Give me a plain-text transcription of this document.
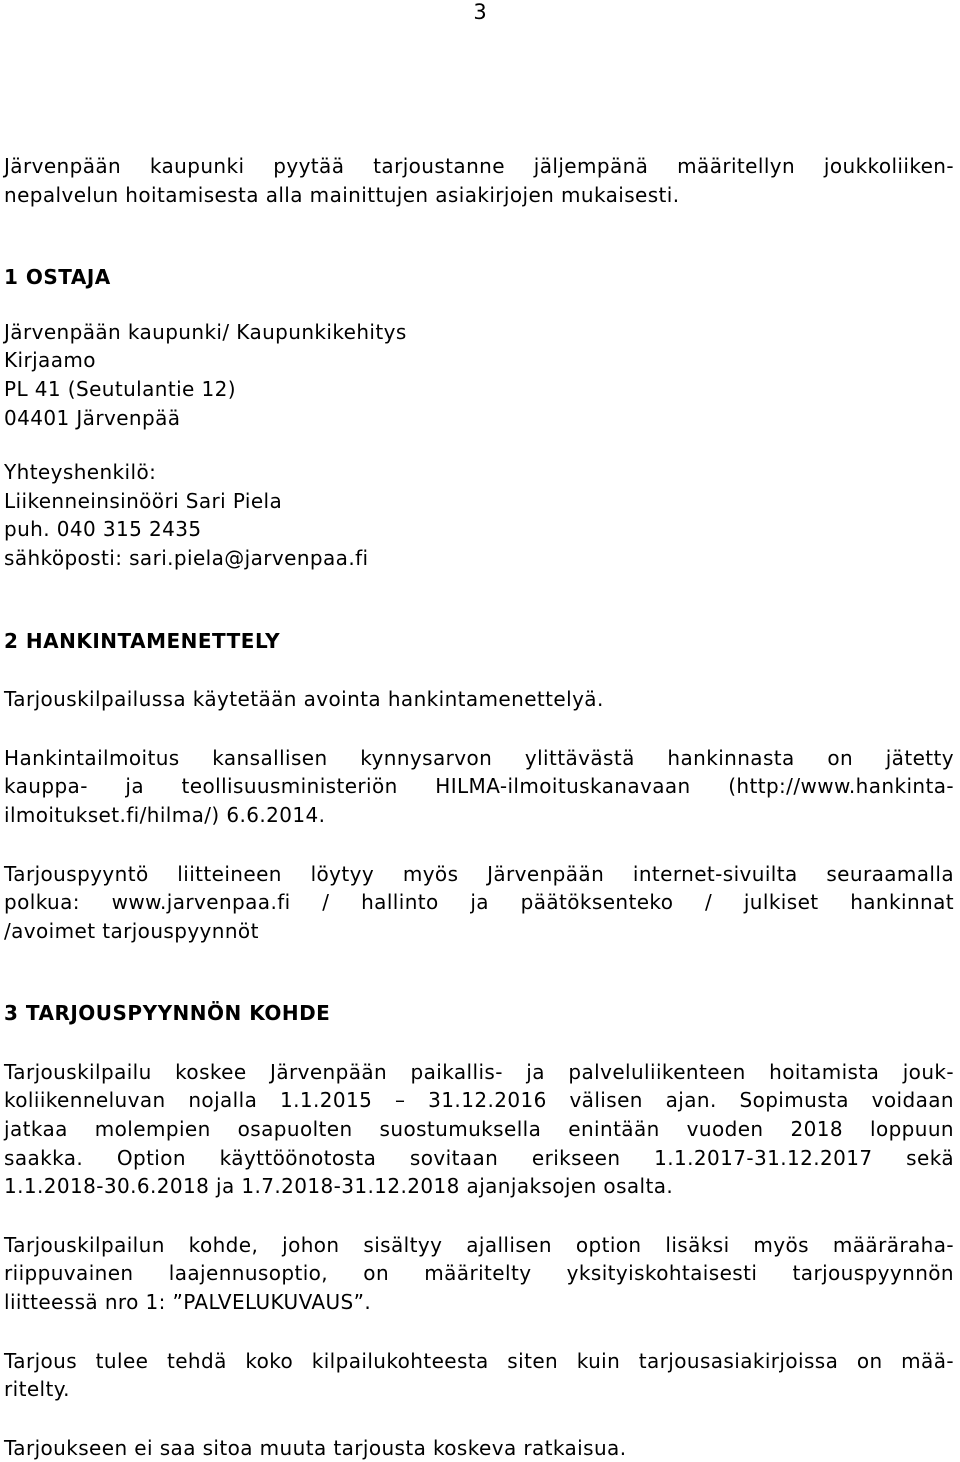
3
Järvenpään kaupunki pyytää tarjoustanne jäljempänä määritellyn joukkoliiken-
nepalvelun hoitamisesta alla mainittujen asiakirjojen mukaisesti.
1 OSTAJA
Järvenpään kaupunki/ Kaupunkikehitys
Kirjaamo
PL 41 (Seutulantie 12)
04401 Järvenpää
Yhteyshenkilö:
Liikenneinsinööri Sari Piela
puh. 040 315 2435
sähköposti: sari.piela@jarvenpaa.fi
2 HANKINTAMENETTELY
Tarjouskilpailussa käytetään avointa hankintamenettelyä.
Hankintailmoitus kansallisen kynnysarvon ylittävästä hankinnasta on jätetty
kauppa- ja teollisuusministeriön HILMA-ilmoituskanavaan (http://www.hankinta-
ilmoitukset.fi/hilma/) 6.6.2014.
Tarjouspyyntö liitteineen löytyy myös Järvenpään internet-sivuilta seuraamalla
polkua: www.jarvenpaa.fi / hallinto ja päätöksenteko / julkiset hankinnat
/avoimet tarjouspyynnöt
3 TARJOUSPYYNNÖN KOHDE
Tarjouskilpailu koskee Järvenpään paikallis- ja palveluliikenteen hoitamista jouk-
koliikenneluvan nojalla 1.1.2015 – 31.12.2016 välisen ajan. Sopimusta voidaan
jatkaa molempien osapuolten suostumuksella enintään vuoden 2018 loppuun
saakka. Option käyttöönotosta sovitaan erikseen 1.1.2017-31.12.2017 sekä
1.1.2018-30.6.2018 ja 1.7.2018-31.12.2018 ajanjaksojen osalta.
Tarjouskilpailun kohde, johon sisältyy ajallisen option lisäksi myös määräraha-
riippuvainen laajennusoptio, on määritelty yksityiskohtaisesti tarjouspyynnön
liitteessä nro 1: ”PALVELUKUVAUS”.
Tarjous tulee tehdä koko kilpailukohteesta siten kuin tarjousasiakirjoissa on mää-
ritelty.
Tarjoukseen ei saa sitoa muuta tarjousta koskeva ratkaisua.
